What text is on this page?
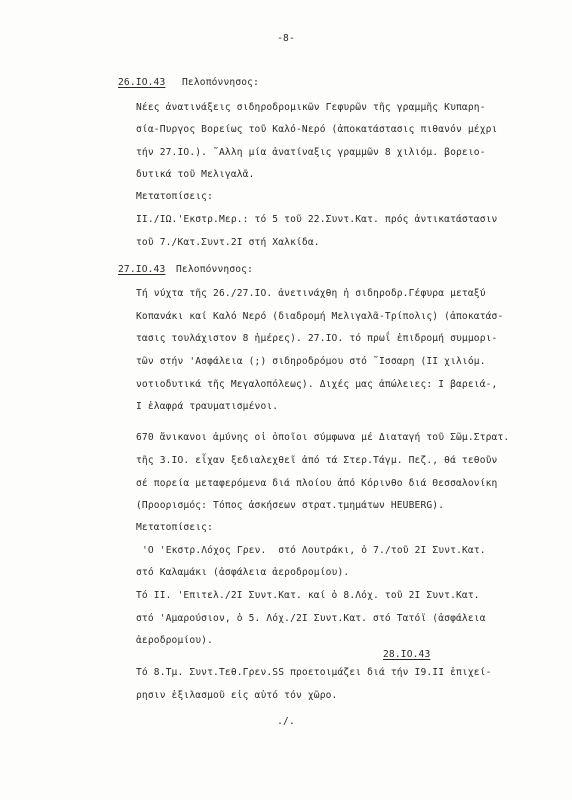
-8-
26.IO.43 Πελοπόννησος:
Νέες ἀνατινάξεις σιδηροδρομικῶν Γεφυρῶν τῆς γραμμῆς Κυπαρη-
σία-Πυργος Βορείως τοῦ Καλό-Νερό (ἀποκατάστασις πιθανόν μέχρι
τήν 27.IO.). ῎Αλλη μία ἀνατίναξις γραμμῶν 8 χιλιόμ. βορειο-
δυτικά τοῦ Μελιγαλᾶ.
Μετατοπίσεις:
II./ΙΩ.'Εκστρ.Μερ.: τό 5 τοῦ 22.Συντ.Κατ. πρός ἀντικατάστασιν
τοῦ 7./Κατ.Συντ.2I στή Χαλκίδα.
27.IO.43 Πελοπόννησος:
Τή νύχτα τῆς 26./27.IO. ἀνετινάχθη ἡ σιδηροδρ.Γέφυρα μεταξύ
Κοπανάκι καί Καλό Νερό (διαδρομή Μελιγαλᾶ-Τρίπολις) (ἀποκατάσ-
τασις τουλάχιστον 8 ἡμέρες). 27.IO. τό πρωΐ ἐπιδρομή συμμορι-
τῶν στήν 'Ασφάλεια (;) σιδηροδρόμου στό ῎Ισσαρη (II χιλιόμ.
νοτιοδυτικά τῆς Μεγαλοπόλεως). Διχές μας ἀπώλειες: I βαρειά-,
I ἐλαφρά τραυματισμένοι.
670 ἄνικανοι ἀμύνης οἱ ὁποῖοι σύμφωνα μέ Διαταγή τοῦ Σῶμ.Στρατ.
τῆς 3.IO. εἶχαν ξεδιαλεχθεῖ ἀπό τά Στερ.Τάγμ. Πεζ., θά τεθοῦν
σέ πορεία μεταφερόμενα διά πλοίου ἀπό Κόρινθο διά Θεσσαλονίκη
(Προορισμός: Τόπος ἀσκήσεων στρατ.τμημάτων HEUBERG).
Μετατοπίσεις:
'Ο 'Εκστρ.Λόχος Γρεν.  στό Λουτράκι, ὁ 7./τοῦ 2I Συντ.Κατ.
στό Καλαμάκι (ἀσφάλεια ἀεροδρομίου).
Τό II. 'Επιτελ./2I Συντ.Κατ. καί ὁ 8.Λόχ. τοῦ 2I Συντ.Κατ.
στό 'Αμαρούσιον, ὁ 5. Λόχ./2I Συντ.Κατ. στό Τατόϊ (ἀσφάλεια
ἀεροδρομίου).
28.IO.43
Τό 8.Τμ. Συντ.Τεθ.Γρεν.SS προετοιμάζει διά τήν I9.II ἐπιχεί-
ρησιν ἐξιλασμοῦ εἰς αὐτό τόν χῶρο.
./.
